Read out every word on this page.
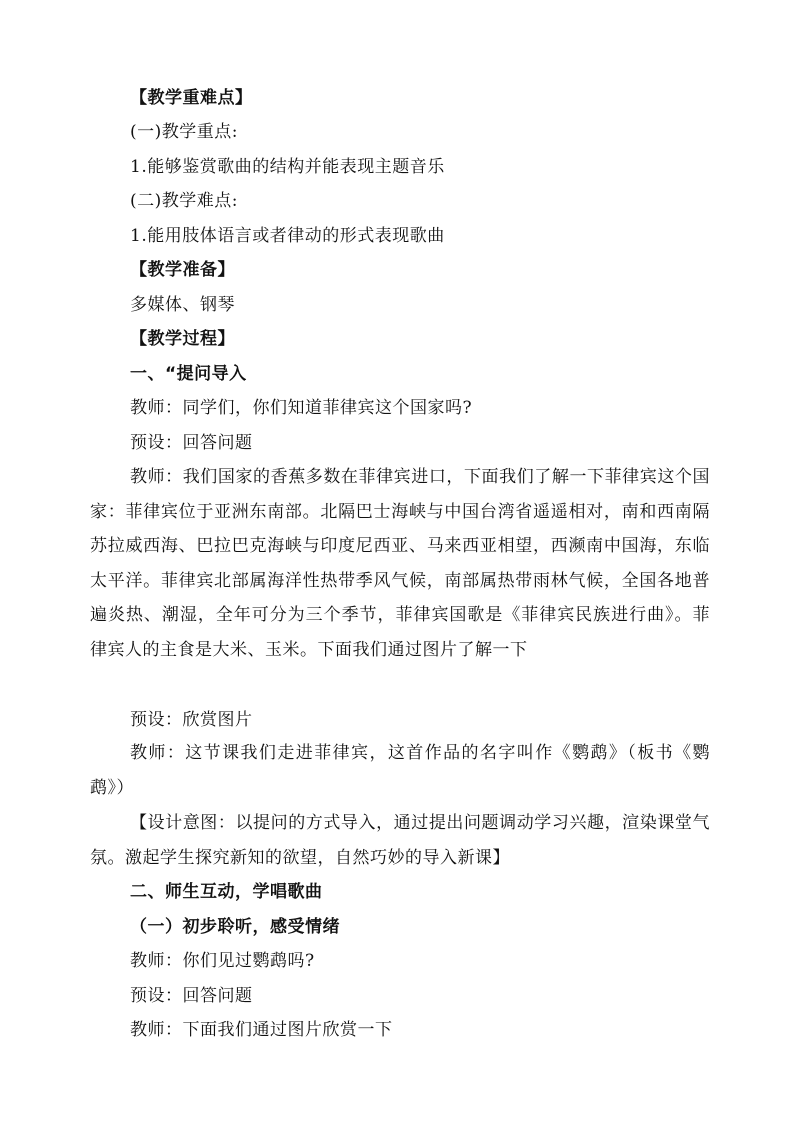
【教学重难点】
(一)教学重点:
1.能够鉴赏歌曲的结构并能表现主题音乐
(二)教学难点:
1.能用肢体语言或者律动的形式表现歌曲
【教学准备】
多媒体、钢琴
【教学过程】
一、“提问导入
教师：同学们，你们知道菲律宾这个国家吗?
预设：回答问题
教师：我们国家的香蕉多数在菲律宾进口，下面我们了解一下菲律宾这个国家：菲律宾位于亚洲东南部。北隔巴士海峡与中国台湾省遥遥相对，南和西南隔苏拉威西海、巴拉巴克海峡与印度尼西亚、马来西亚相望，西濒南中国海，东临太平洋。菲律宾北部属海洋性热带季风气候，南部属热带雨林气候，全国各地普遍炎热、潮湿，全年可分为三个季节，菲律宾国歌是《菲律宾民族进行曲》。菲律宾人的主食是大米、玉米。下面我们通过图片了解一下
预设：欣赏图片
教师：这节课我们走进菲律宾，这首作品的名字叫作《鹦鹉》（板书《鹦鹉》）
【设计意图：以提问的方式导入，通过提出问题调动学习兴趣，渲染课堂气氛。激起学生探究新知的欲望，自然巧妙的导入新课】
二、师生互动，学唱歌曲
（一）初步聆听，感受情绪
教师：你们见过鹦鹉吗?
预设：回答问题
教师：下面我们通过图片欣赏一下
